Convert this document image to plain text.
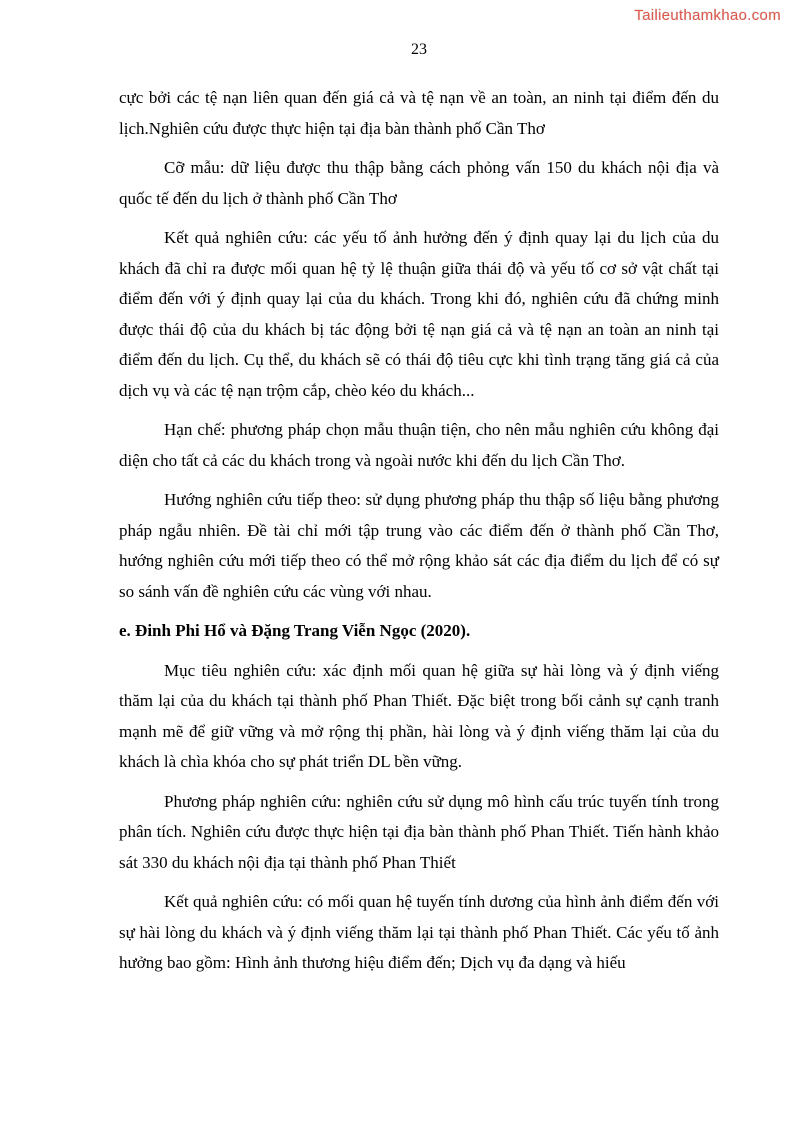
Tailieuthamkhao.com
23

cực bởi các tệ nạn liên quan đến giá cả và tệ nạn về an toàn, an ninh tại điểm đến du lịch.Nghiên cứu được thực hiện tại địa bàn thành phố Cần Thơ

Cỡ mẫu: dữ liệu được thu thập bằng cách phỏng vấn 150 du khách nội địa và quốc tế đến du lịch ở thành phố Cần Thơ

Kết quả nghiên cứu: các yếu tố ảnh hưởng đến ý định quay lại du lịch của du khách đã chỉ ra được mối quan hệ tỷ lệ thuận giữa thái độ và yếu tố cơ sở vật chất tại điểm đến với ý định quay lại của du khách. Trong khi đó, nghiên cứu đã chứng minh được thái độ của du khách bị tác động bởi tệ nạn giá cả và tệ nạn an toàn an ninh tại điểm đến du lịch. Cụ thể, du khách sẽ có thái độ tiêu cực khi tình trạng tăng giá cả của dịch vụ và các tệ nạn trộm cắp, chèo kéo du khách...

Hạn chế: phương pháp chọn mẫu thuận tiện, cho nên mẫu nghiên cứu không đại diện cho tất cả các du khách trong và ngoài nước khi đến du lịch Cần Thơ.

Hướng nghiên cứu tiếp theo: sử dụng phương pháp thu thập số liệu bằng phương pháp ngẫu nhiên. Đề tài chỉ mới tập trung vào các điểm đến ở thành phố Cần Thơ, hướng nghiên cứu mới tiếp theo có thể mở rộng khảo sát các địa điểm du lịch để có sự so sánh vấn đề nghiên cứu các vùng với nhau.

e. Đinh Phi Hổ và Đặng Trang Viễn Ngọc (2020).

Mục tiêu nghiên cứu: xác định mối quan hệ giữa sự hài lòng và ý định viếng thăm lại của du khách tại thành phố Phan Thiết. Đặc biệt trong bối cảnh sự cạnh tranh mạnh mẽ để giữ vững và mở rộng thị phần, hài lòng và ý định viếng thăm lại của du khách là chìa khóa cho sự phát triển DL bền vững.

Phương pháp nghiên cứu: nghiên cứu sử dụng mô hình cấu trúc tuyến tính trong phân tích. Nghiên cứu được thực hiện tại địa bàn thành phố Phan Thiết. Tiến hành khảo sát 330 du khách nội địa tại thành phố Phan Thiết

Kết quả nghiên cứu: có mối quan hệ tuyến tính dương của hình ảnh điểm đến với sự hài lòng du khách và ý định viếng thăm lại tại thành phố Phan Thiết. Các yếu tố ảnh hưởng bao gồm: Hình ảnh thương hiệu điểm đến; Dịch vụ đa dạng và hiếu
